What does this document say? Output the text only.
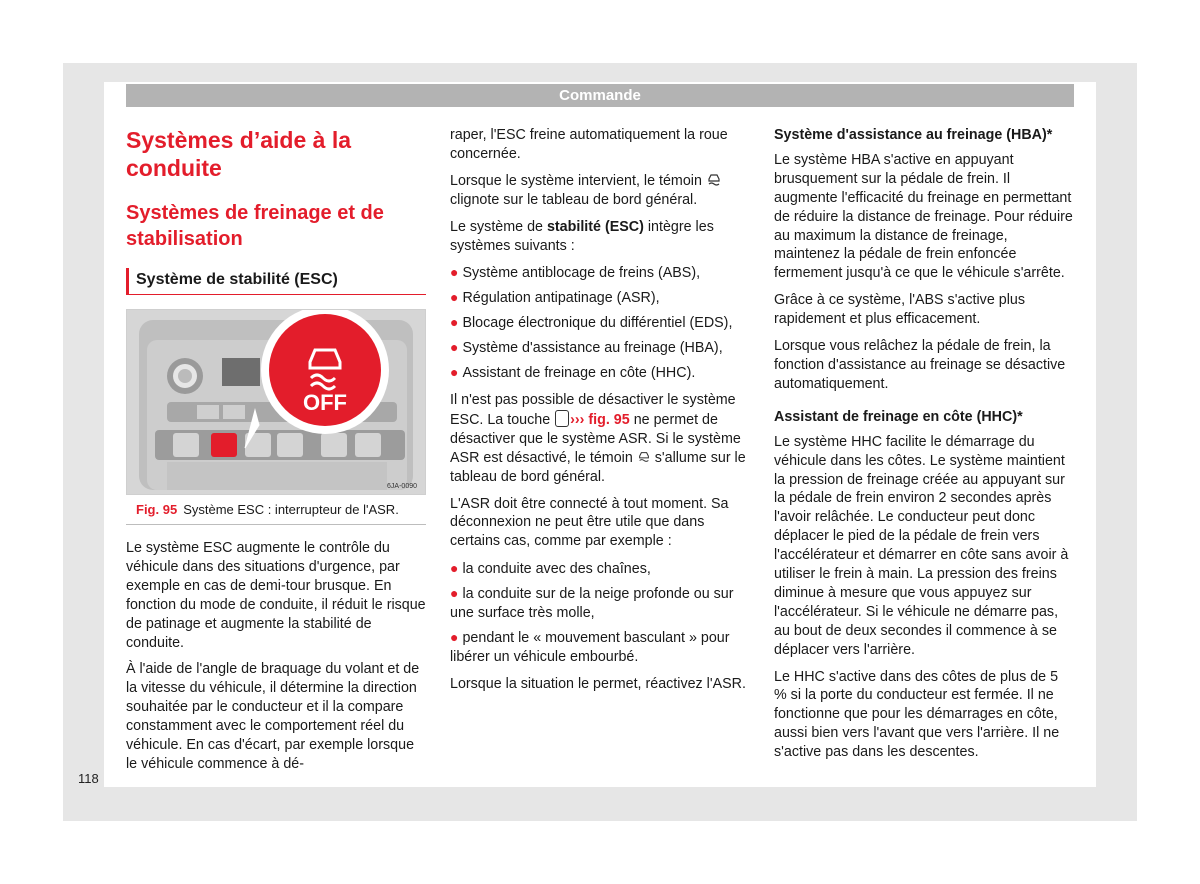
Commande
118
Systèmes d’aide à la conduite
Systèmes de freinage et de stabilisation
Système de stabilité (ESC)
OFF
6JA-0090
Fig. 95 Système ESC : interrupteur de l'ASR.

Le système ESC augmente le contrôle du véhicule dans des situations d'urgence, par exemple en cas de demi-tour brusque. En fonction du mode de conduite, il réduit le risque de patinage et augmente la stabilité de conduite.

À l'aide de l'angle de braquage du volant et de la vitesse du véhicule, il détermine la direction souhaitée par le conducteur et il la compare constamment avec le comportement réel du véhicule. En cas d'écart, par exemple lorsque le véhicule commence à dé-

raper, l'ESC freine automatiquement la roue concernée.

Lorsque le système intervient, le témoin  clignote sur le tableau de bord général.

Le système de stabilité (ESC) intègre les systèmes suivants :

● Système antiblocage de freins (ABS),
● Régulation antipatinage (ASR),
● Blocage électronique du différentiel (EDS),
● Système d'assistance au freinage (HBA),
● Assistant de freinage en côte (HHC).

Il n'est pas possible de désactiver le système ESC. La touche ››› fig. 95 ne permet de désactiver que le système ASR. Si le système ASR est désactivé, le témoin s'allume sur le tableau de bord général.

L'ASR doit être connecté à tout moment. Sa déconnexion ne peut être utile que dans certains cas, comme par exemple :

● la conduite avec des chaînes,
● la conduite sur de la neige profonde ou sur une surface très molle,
● pendant le « mouvement basculant » pour libérer un véhicule embourbé.

Lorsque la situation le permet, réactivez l'ASR.

Système d'assistance au freinage (HBA)*

Le système HBA s'active en appuyant brusquement sur la pédale de frein. Il augmente l'efficacité du freinage en permettant de réduire la distance de freinage. Pour réduire au maximum la distance de freinage, maintenez la pédale de frein enfoncée fermement jusqu'à ce que le véhicule s'arrête.

Grâce à ce système, l'ABS s'active plus rapidement et plus efficacement.

Lorsque vous relâchez la pédale de frein, la fonction d'assistance au freinage se désactive automatiquement.

Assistant de freinage en côte (HHC)*

Le système HHC facilite le démarrage du véhicule dans les côtes. Le système maintient la pression de freinage créée au appuyant sur la pédale de frein environ 2 secondes après l'avoir relâchée. Le conducteur peut donc déplacer le pied de la pédale de frein vers l'accélérateur et démarrer en côte sans avoir à utiliser le frein à main. La pression des freins diminue à mesure que vous appuyez sur l'accélérateur. Si le véhicule ne démarre pas, au bout de deux secondes il commence à se déplacer vers l'arrière.

Le HHC s'active dans des côtes de plus de 5 % si la porte du conducteur est fermée. Il ne fonctionne que pour les démarrages en côte, aussi bien vers l'avant que vers l'arrière. Il ne s'active pas dans les descentes.
